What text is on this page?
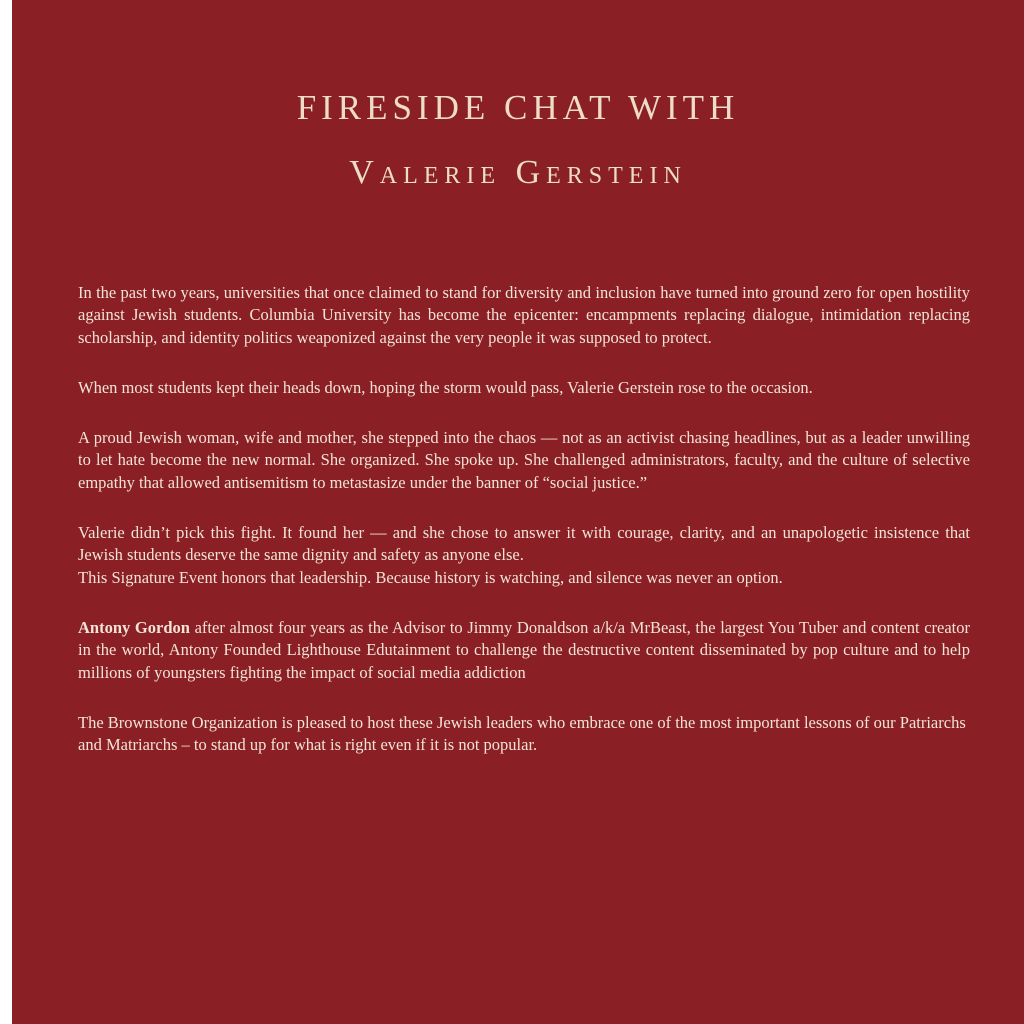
FIRESIDE CHAT WITH
Valerie Gerstein

In the past two years, universities that once claimed to stand for diversity and inclusion have turned into ground zero for open hostility against Jewish students. Columbia University has become the epicenter: encampments replacing dialogue, intimidation replacing scholarship, and identity politics weaponized against the very people it was supposed to protect.

When most students kept their heads down, hoping the storm would pass, Valerie Gerstein rose to the occasion.

A proud Jewish woman, wife and mother, she stepped into the chaos — not as an activist chasing headlines, but as a leader unwilling to let hate become the new normal. She organized. She spoke up. She challenged administrators, faculty, and the culture of selective empathy that allowed antisemitism to metastasize under the banner of “social justice.”

Valerie didn’t pick this fight. It found her — and she chose to answer it with courage, clarity, and an unapologetic insistence that Jewish students deserve the same dignity and safety as anyone else.

This Signature Event honors that leadership. Because history is watching, and silence was never an option.

Antony Gordon after almost four years as the Advisor to Jimmy Donaldson a/k/a MrBeast, the largest You Tuber and content creator in the world, Antony Founded Lighthouse Edutainment to challenge the destructive content disseminated by pop culture and to help millions of youngsters fighting the impact of social media addiction

The Brownstone Organization is pleased to host these Jewish leaders who embrace one of the most important lessons of our Patriarchs and Matriarchs – to stand up for what is right even if it is not popular.
